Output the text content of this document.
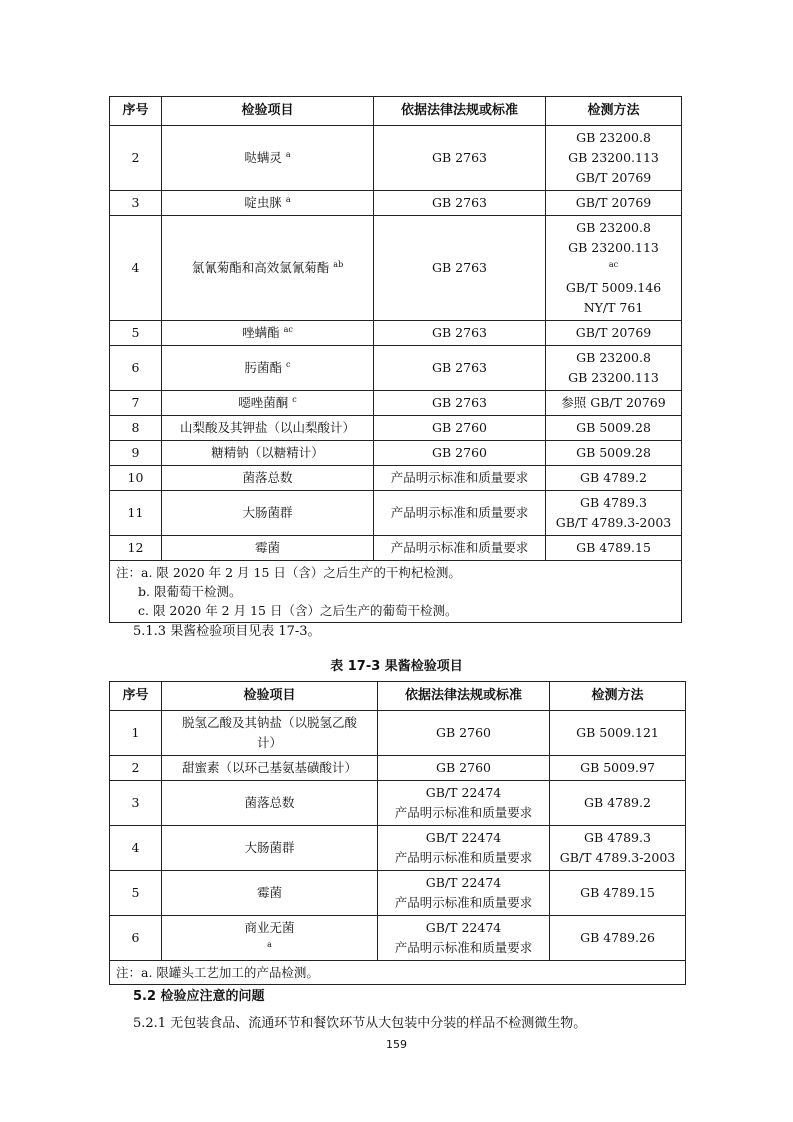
序号	检验项目	依据法律法规或标准	检测方法
2	哒螨灵 $^a$	GB 2763	GB 23200.8
GB 23200.113
GB/T 20769

3	啶虫脒 $^a$	GB 2763	GB/T 20769

4	氯氰菊酯和高效氯氰菊酯 $^{ab}$	GB 2763	GB 23200.8
GB 23200.113
$^{ac}$
GB/T 5009.146
NY/T 761

5	唑螨酯 $^{ac}$	GB 2763	GB/T 20769

6	肟菌酯 $^c$	GB 2763	GB 23200.8
GB 23200.113

7	噁唑菌酮 $^c$	GB 2763	参照 GB/T 20769

8	山梨酸及其钾盐（以山梨酸计）	GB 2760	GB 5009.28

9	糖精钠（以糖精计）	GB 2760	GB 5009.28

10	菌落总数	产品明示标准和质量要求	GB 4789.2

11	大肠菌群	产品明示标准和质量要求	GB 4789.3
GB/T 4789.3-2003

12	霉菌	产品明示标准和质量要求	GB 4789.15

注：a. 限 2020 年 2 月 15 日（含）之后生产的干枸杞检测。
b. 限葡萄干检测。
c. 限 2020 年 2 月 15 日（含）之后生产的葡萄干检测。			
5.1.3 果酱检验项目见表 17-3。
表 17-3 果酱检验项目
序号	检验项目	依据法律法规或标准	检测方法
1	脱氢乙酸及其钠盐（以脱氢乙酸
计）	GB 2760	GB 5009.121

2	甜蜜素（以环己基氨基磺酸计）	GB 2760	GB 5009.97

3	菌落总数	GB/T 22474
产品明示标准和质量要求	GB 4789.2

4	大肠菌群	GB/T 22474
产品明示标准和质量要求	GB 4789.3
GB/T 4789.3-2003

5	霉菌	GB/T 22474
产品明示标准和质量要求	GB 4789.15

6	商业无菌
$^a$	GB/T 22474
产品明示标准和质量要求	GB 4789.26

注：a. 限罐头工艺加工的产品检测。			
5.2 检验应注意的问题
5.2.1 无包装食品、流通环节和餐饮环节从大包装中分装的样品不检测微生物。
159
